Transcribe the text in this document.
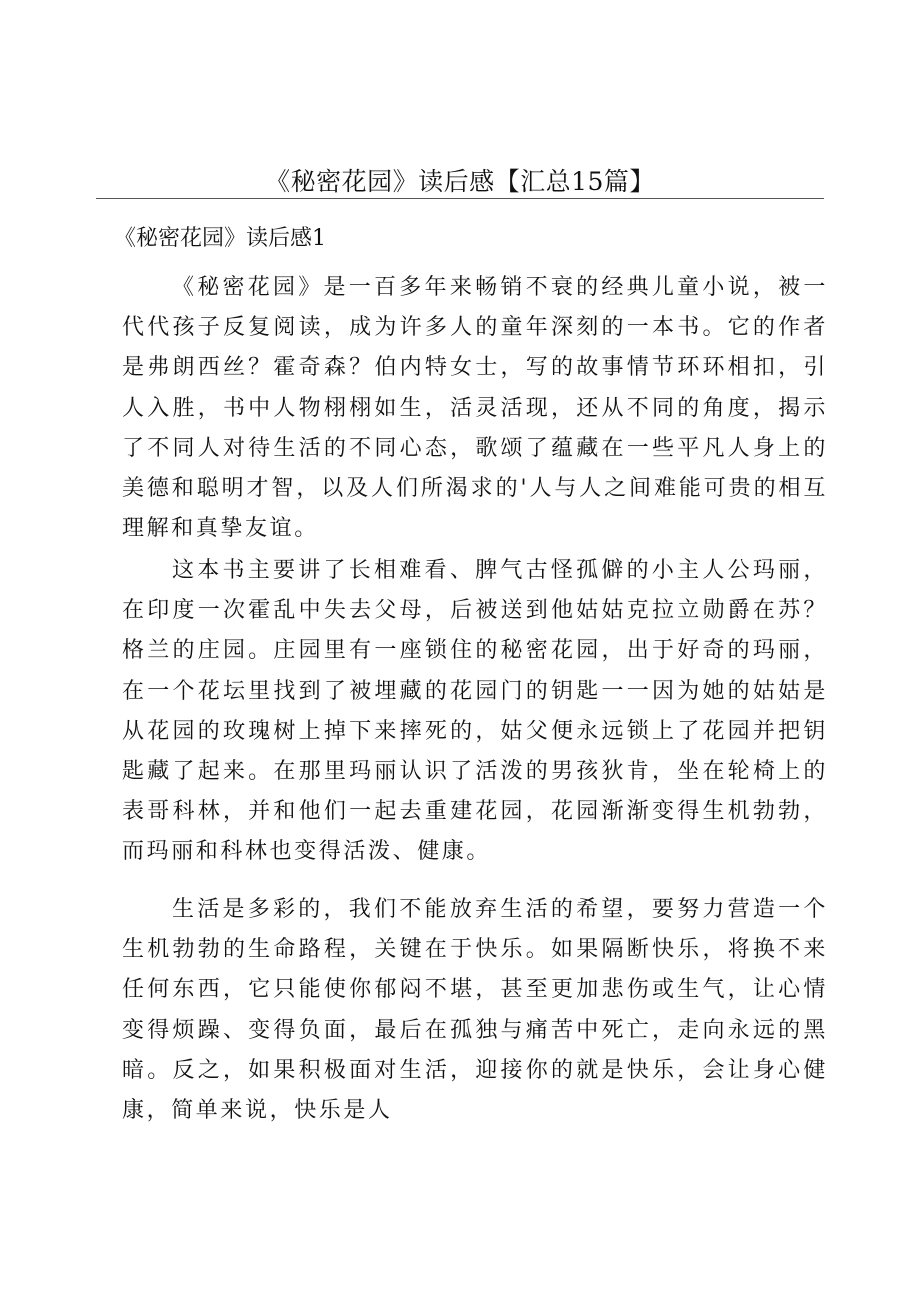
《秘密花园》读后感【汇总15篇】
《秘密花园》读后感1

《秘密花园》是一百多年来畅销不衰的经典儿童小说，被一代代孩子反复阅读，成为许多人的童年深刻的一本书。它的作者是弗朗西丝？霍奇森？伯内特女士，写的故事情节环环相扣，引人入胜，书中人物栩栩如生，活灵活现，还从不同的角度，揭示了不同人对待生活的不同心态，歌颂了蕴藏在一些平凡人身上的美德和聪明才智，以及人们所渴求的'人与人之间难能可贵的相互理解和真挚友谊。

这本书主要讲了长相难看、脾气古怪孤僻的小主人公玛丽，在印度一次霍乱中失去父母，后被送到他姑姑克拉立勋爵在苏？格兰的庄园。庄园里有一座锁住的秘密花园，出于好奇的玛丽，在一个花坛里找到了被埋藏的花园门的钥匙一一因为她的姑姑是从花园的玫瑰树上掉下来摔死的，姑父便永远锁上了花园并把钥匙藏了起来。在那里玛丽认识了活泼的男孩狄肯，坐在轮椅上的表哥科林，并和他们一起去重建花园，花园渐渐变得生机勃勃，而玛丽和科林也变得活泼、健康。

生活是多彩的，我们不能放弃生活的希望，要努力营造一个生机勃勃的生命路程，关键在于快乐。如果隔断快乐，将换不来任何东西，它只能使你郁闷不堪，甚至更加悲伤或生气，让心情变得烦躁、变得负面，最后在孤独与痛苦中死亡，走向永远的黑暗。反之，如果积极面对生活，迎接你的就是快乐，会让身心健康，简单来说，快乐是人
